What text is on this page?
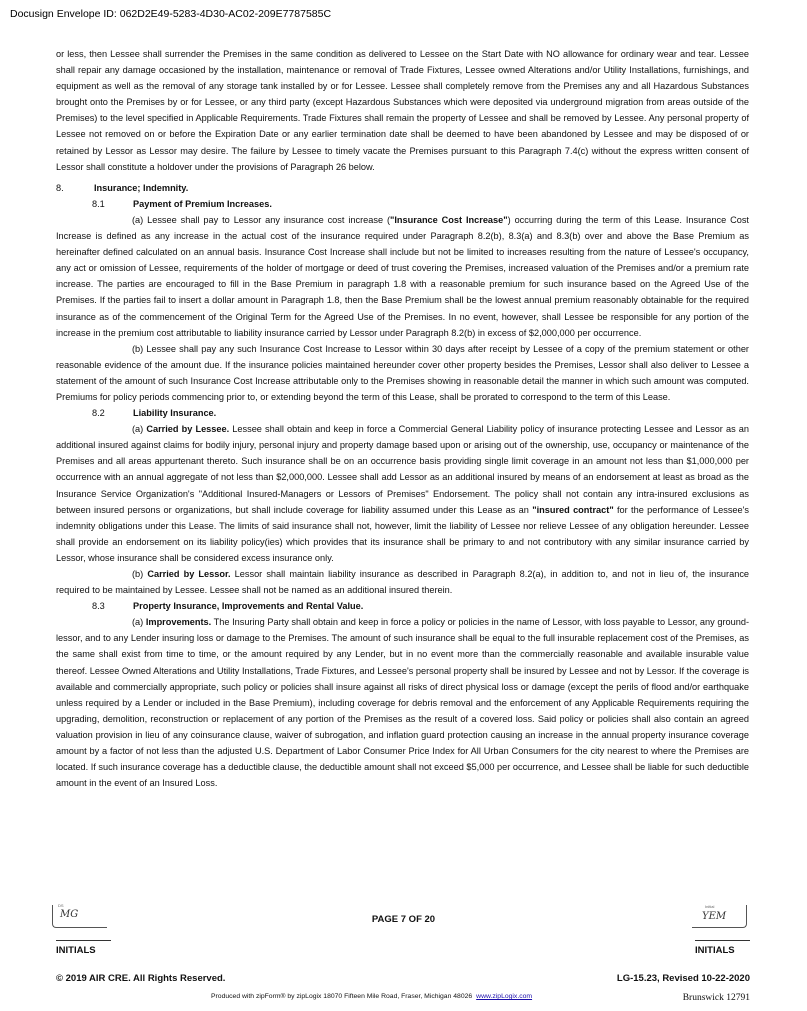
Docusign Envelope ID: 062D2E49-5283-4D30-AC02-209E7787585C

or less, then Lessee shall surrender the Premises in the same condition as delivered to Lessee on the Start Date with NO allowance for ordinary wear and tear. Lessee shall repair any damage occasioned by the installation, maintenance or removal of Trade Fixtures, Lessee owned Alterations and/or Utility Installations, furnishings, and equipment as well as the removal of any storage tank installed by or for Lessee. Lessee shall completely remove from the Premises any and all Hazardous Substances brought onto the Premises by or for Lessee, or any third party (except Hazardous Substances which were deposited via underground migration from areas outside of the Premises) to the level specified in Applicable Requirements. Trade Fixtures shall remain the property of Lessee and shall be removed by Lessee. Any personal property of Lessee not removed on or before the Expiration Date or any earlier termination date shall be deemed to have been abandoned by Lessee and may be disposed of or retained by Lessor as Lessor may desire. The failure by Lessee to timely vacate the Premises pursuant to this Paragraph 7.4(c) without the express written consent of Lessor shall constitute a holdover under the provisions of Paragraph 26 below.

8.	Insurance; Indemnity.

8.1	Payment of Premium Increases.

(a) Lessee shall pay to Lessor any insurance cost increase ("Insurance Cost Increase") occurring during the term of this Lease. Insurance Cost Increase is defined as any increase in the actual cost of the insurance required under Paragraph 8.2(b), 8.3(a) and 8.3(b) over and above the Base Premium as hereinafter defined calculated on an annual basis. Insurance Cost Increase shall include but not be limited to increases resulting from the nature of Lessee's occupancy, any act or omission of Lessee, requirements of the holder of mortgage or deed of trust covering the Premises, increased valuation of the Premises and/or a premium rate increase. The parties are encouraged to fill in the Base Premium in paragraph 1.8 with a reasonable premium for such insurance based on the Agreed Use of the Premises. If the parties fail to insert a dollar amount in Paragraph 1.8, then the Base Premium shall be the lowest annual premium reasonably obtainable for the required insurance as of the commencement of the Original Term for the Agreed Use of the Premises. In no event, however, shall Lessee be responsible for any portion of the increase in the premium cost attributable to liability insurance carried by Lessor under Paragraph 8.2(b) in excess of $2,000,000 per occurrence.

(b) Lessee shall pay any such Insurance Cost Increase to Lessor within 30 days after receipt by Lessee of a copy of the premium statement or other reasonable evidence of the amount due. If the insurance policies maintained hereunder cover other property besides the Premises, Lessor shall also deliver to Lessee a statement of the amount of such Insurance Cost Increase attributable only to the Premises showing in reasonable detail the manner in which such amount was computed. Premiums for policy periods commencing prior to, or extending beyond the term of this Lease, shall be prorated to correspond to the term of this Lease.

8.2	Liability Insurance.

(a) Carried by Lessee. Lessee shall obtain and keep in force a Commercial General Liability policy of insurance protecting Lessee and Lessor as an additional insured against claims for bodily injury, personal injury and property damage based upon or arising out of the ownership, use, occupancy or maintenance of the Premises and all areas appurtenant thereto. Such insurance shall be on an occurrence basis providing single limit coverage in an amount not less than $1,000,000 per occurrence with an annual aggregate of not less than $2,000,000. Lessee shall add Lessor as an additional insured by means of an endorsement at least as broad as the Insurance Service Organization's "Additional Insured-Managers or Lessors of Premises" Endorsement. The policy shall not contain any intra-insured exclusions as between insured persons or organizations, but shall include coverage for liability assumed under this Lease as an "insured contract" for the performance of Lessee's indemnity obligations under this Lease. The limits of said insurance shall not, however, limit the liability of Lessee nor relieve Lessee of any obligation hereunder. Lessee shall provide an endorsement on its liability policy(ies) which provides that its insurance shall be primary to and not contributory with any similar insurance carried by Lessor, whose insurance shall be considered excess insurance only.

(b) Carried by Lessor. Lessor shall maintain liability insurance as described in Paragraph 8.2(a), in addition to, and not in lieu of, the insurance required to be maintained by Lessee. Lessee shall not be named as an additional insured therein.

8.3	Property Insurance, Improvements and Rental Value.

(a) Improvements. The Insuring Party shall obtain and keep in force a policy or policies in the name of Lessor, with loss payable to Lessor, any ground-lessor, and to any Lender insuring loss or damage to the Premises. The amount of such insurance shall be equal to the full insurable replacement cost of the Premises, as the same shall exist from time to time, or the amount required by any Lender, but in no event more than the commercially reasonable and available insurable value thereof. Lessee Owned Alterations and Utility Installations, Trade Fixtures, and Lessee's personal property shall be insured by Lessee and not by Lessor. If the coverage is available and commercially appropriate, such policy or policies shall insure against all risks of direct physical loss or damage (except the perils of flood and/or earthquake unless required by a Lender or included in the Base Premium), including coverage for debris removal and the enforcement of any Applicable Requirements requiring the upgrading, demolition, reconstruction or replacement of any portion of the Premises as the result of a covered loss. Said policy or policies shall also contain an agreed valuation provision in lieu of any coinsurance clause, waiver of subrogation, and inflation guard protection causing an increase in the annual property insurance coverage amount by a factor of not less than the adjusted U.S. Department of Labor Consumer Price Index for All Urban Consumers for the city nearest to where the Premises are located. If such insurance coverage has a deductible clause, the deductible amount shall not exceed $5,000 per occurrence, and Lessee shall be liable for such deductible amount in the event of an Insured Loss.

DS
MG	PAGE 7 OF 20
Initial
YEM
INITIALS	INITIALS
© 2019 AIR CRE. All Rights Reserved.	LG-15.23, Revised 10-22-2020
Produced with zipForm® by zipLogix 18070 Fifteen Mile Road, Fraser, Michigan 48026 www.zipLogix.com	Brunswick 12791
